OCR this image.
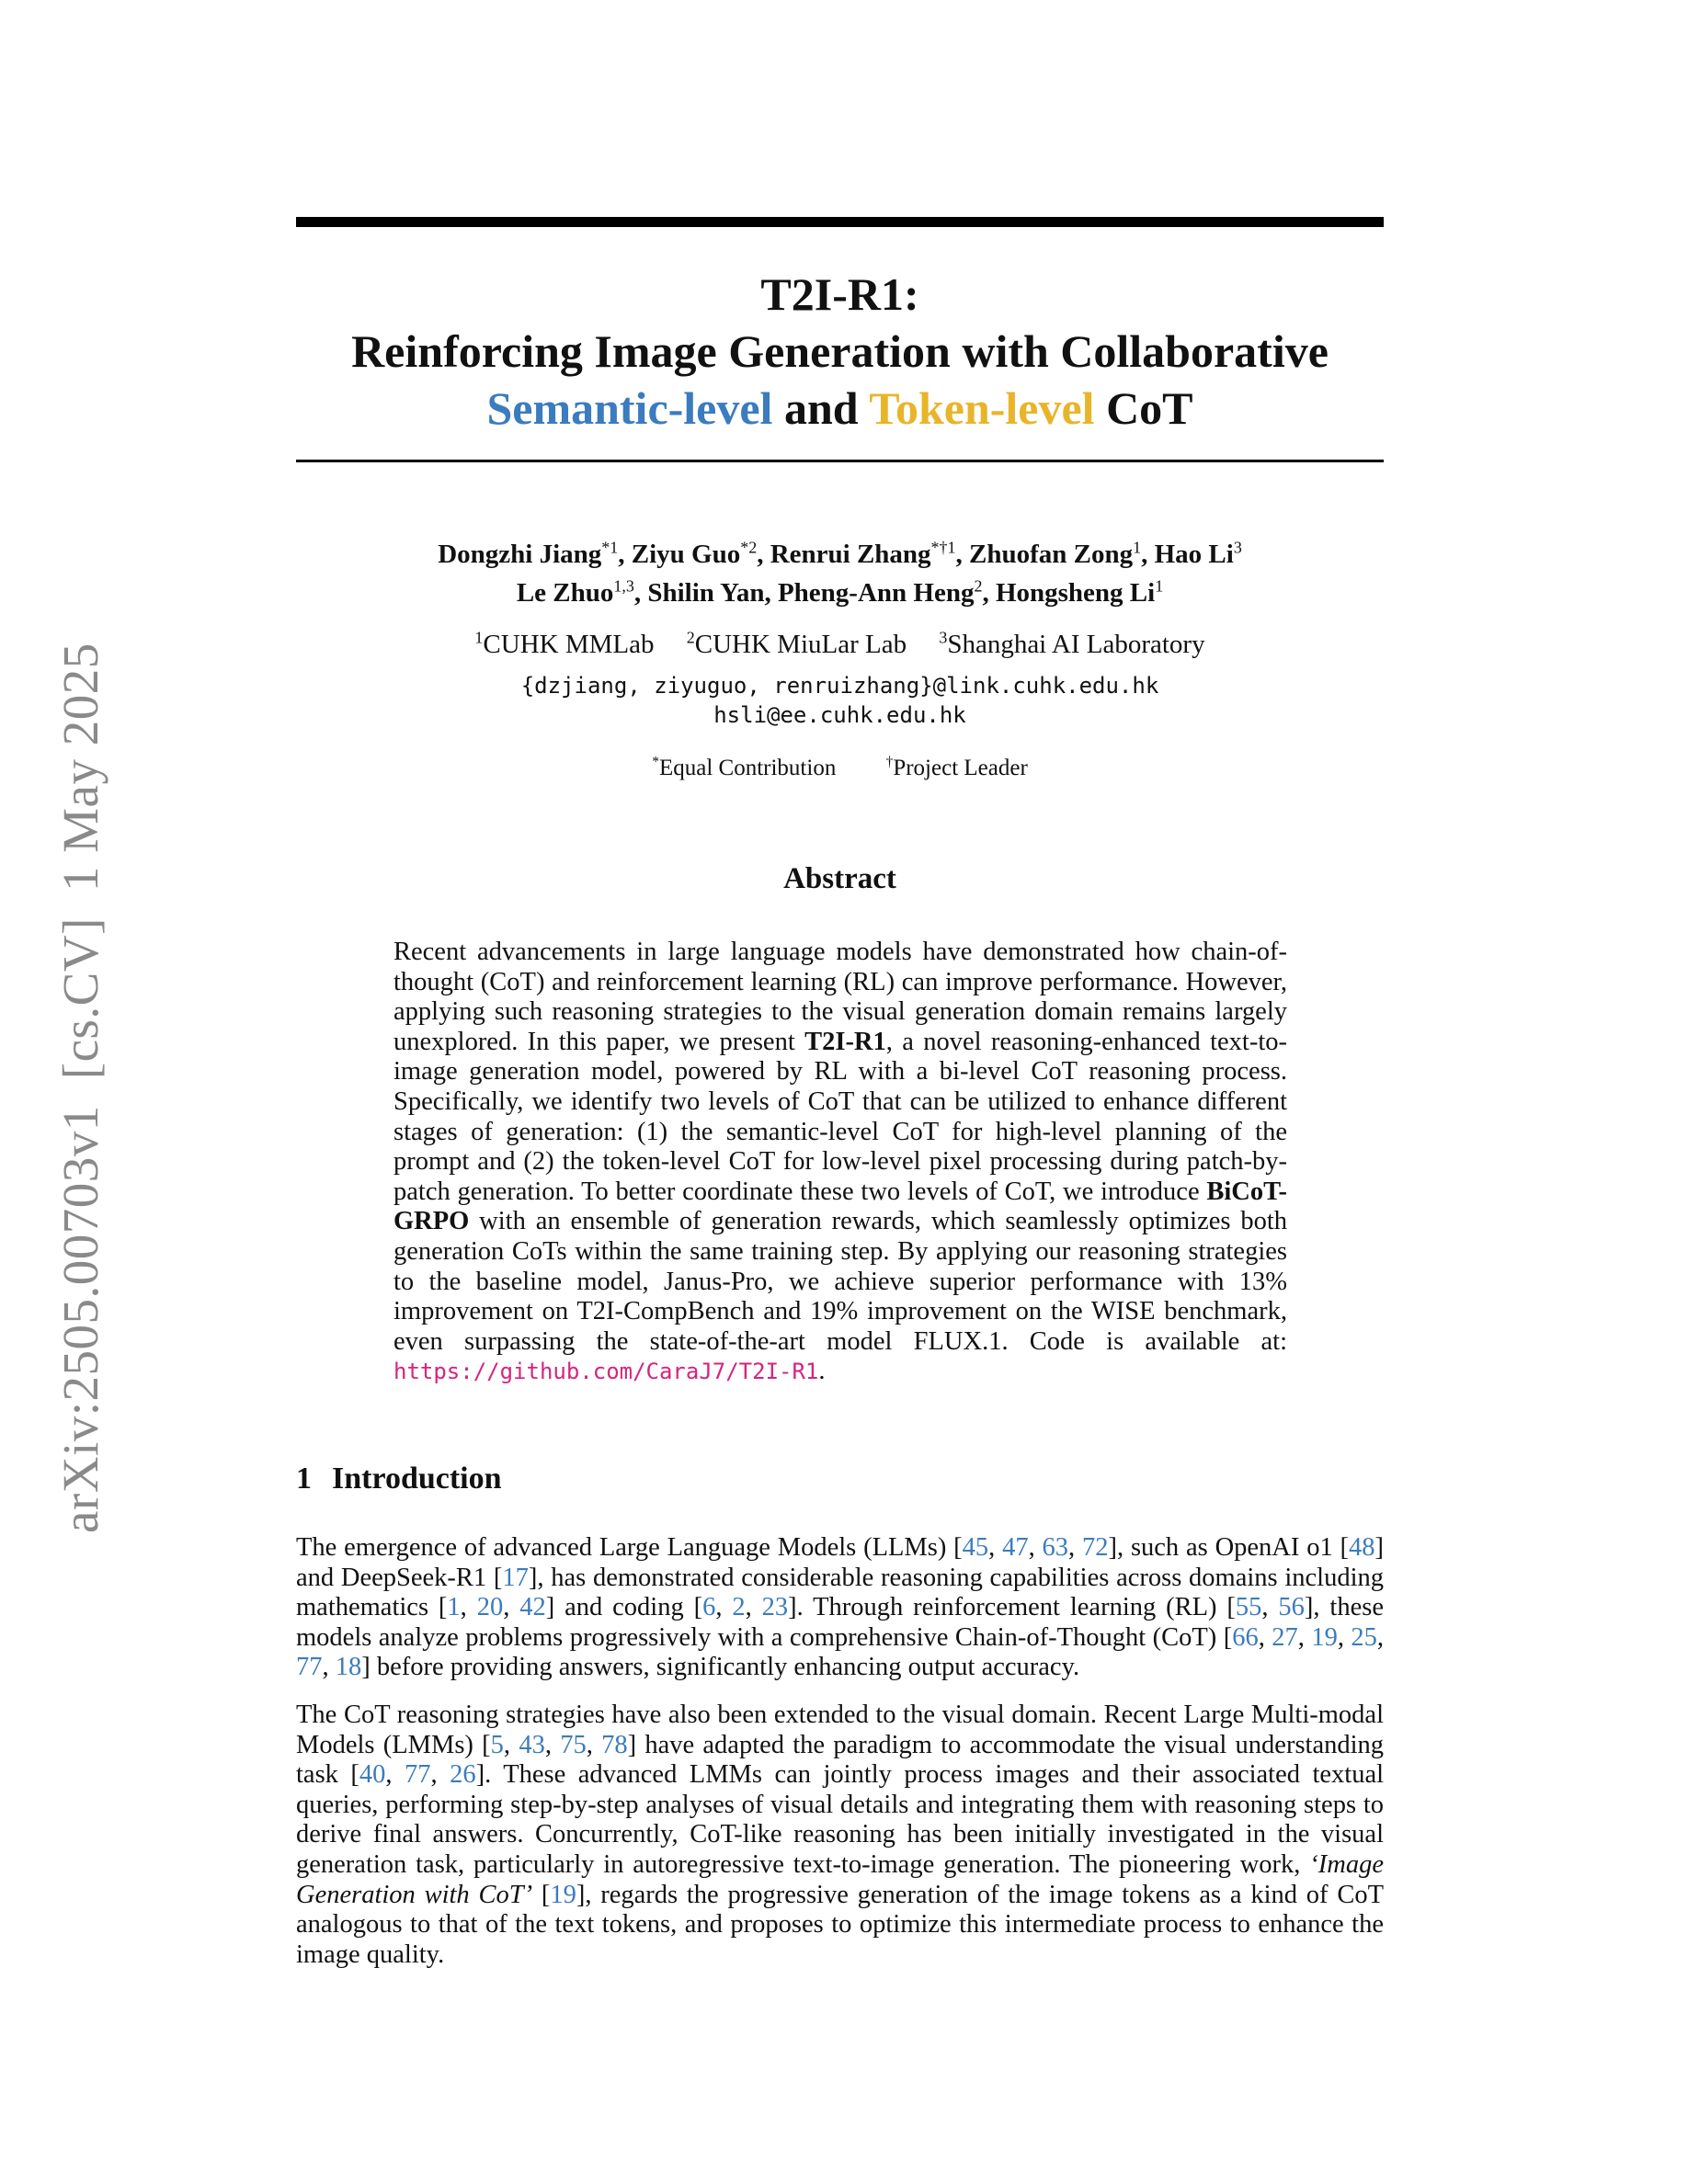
arXiv:2505.00703v1[cs.CV]1 May 2025
T2I-R1:
Reinforcing Image Generation with Collaborative
Semantic-level and Token-level CoT
Dongzhi Jiang$^{*1}$, Ziyu Guo$^{*2}$, Renrui Zhang$^{*\dagger 1}$, Zhuofan Zong$^1$, Hao Li$^3$
Le Zhuo$^{1,3}$, Shilin Yan, Pheng-Ann Heng$^2$, Hongsheng Li$^1$
$^1$CUHK MMLab $^2$CUHK MiuLar Lab $^3$Shanghai AI Laboratory
{dzjiang, ziyuguo, renruizhang}@link.cuhk.edu.hk
hsli@ee.cuhk.edu.hk
*Equal Contribution	†Project Leader
Abstract
Recent advancements in large language models have demonstrated how chain-of-thought (CoT) and reinforcement learning (RL) can improve performance. However, applying such reasoning strategies to the visual generation domain remains largely unexplored. In this paper, we present T2I-R1, a novel reasoning-enhanced text-to-image generation model, powered by RL with a bi-level CoT reasoning process. Specifically, we identify two levels of CoT that can be utilized to enhance different stages of generation: (1) the semantic-level CoT for high-level planning of the prompt and (2) the token-level CoT for low-level pixel processing during patch-by-patch generation. To better coordinate these two levels of CoT, we introduce BiCoT-GRPO with an ensemble of generation rewards, which seamlessly optimizes both generation CoTs within the same training step. By applying our reasoning strategies to the baseline model, Janus-Pro, we achieve superior performance with 13% improvement on T2I-CompBench and 19% improvement on the WISE benchmark, even surpassing the state-of-the-art model FLUX.1. Code is available at: https://github.com/CaraJ7/T2I-R1.
1 Introduction
The emergence of advanced Large Language Models (LLMs) [45, 47, 63, 72], such as OpenAI o1 [48] and DeepSeek-R1 [17], has demonstrated considerable reasoning capabilities across domains including mathematics [1, 20, 42] and coding [6, 2, 23]. Through reinforcement learning (RL) [55, 56], these models analyze problems progressively with a comprehensive Chain-of-Thought (CoT) [66, 27, 19, 25, 77, 18] before providing answers, significantly enhancing output accuracy.
The CoT reasoning strategies have also been extended to the visual domain. Recent Large Multi-modal Models (LMMs) [5, 43, 75, 78] have adapted the paradigm to accommodate the visual understanding task [40, 77, 26]. These advanced LMMs can jointly process images and their associated textual queries, performing step-by-step analyses of visual details and integrating them with reasoning steps to derive final answers. Concurrently, CoT-like reasoning has been initially investigated in the visual generation task, particularly in autoregressive text-to-image generation. The pioneering work, ‘Image Generation with CoT’ [19], regards the progressive generation of the image tokens as a kind of CoT analogous to that of the text tokens, and proposes to optimize this intermediate process to enhance the image quality.
